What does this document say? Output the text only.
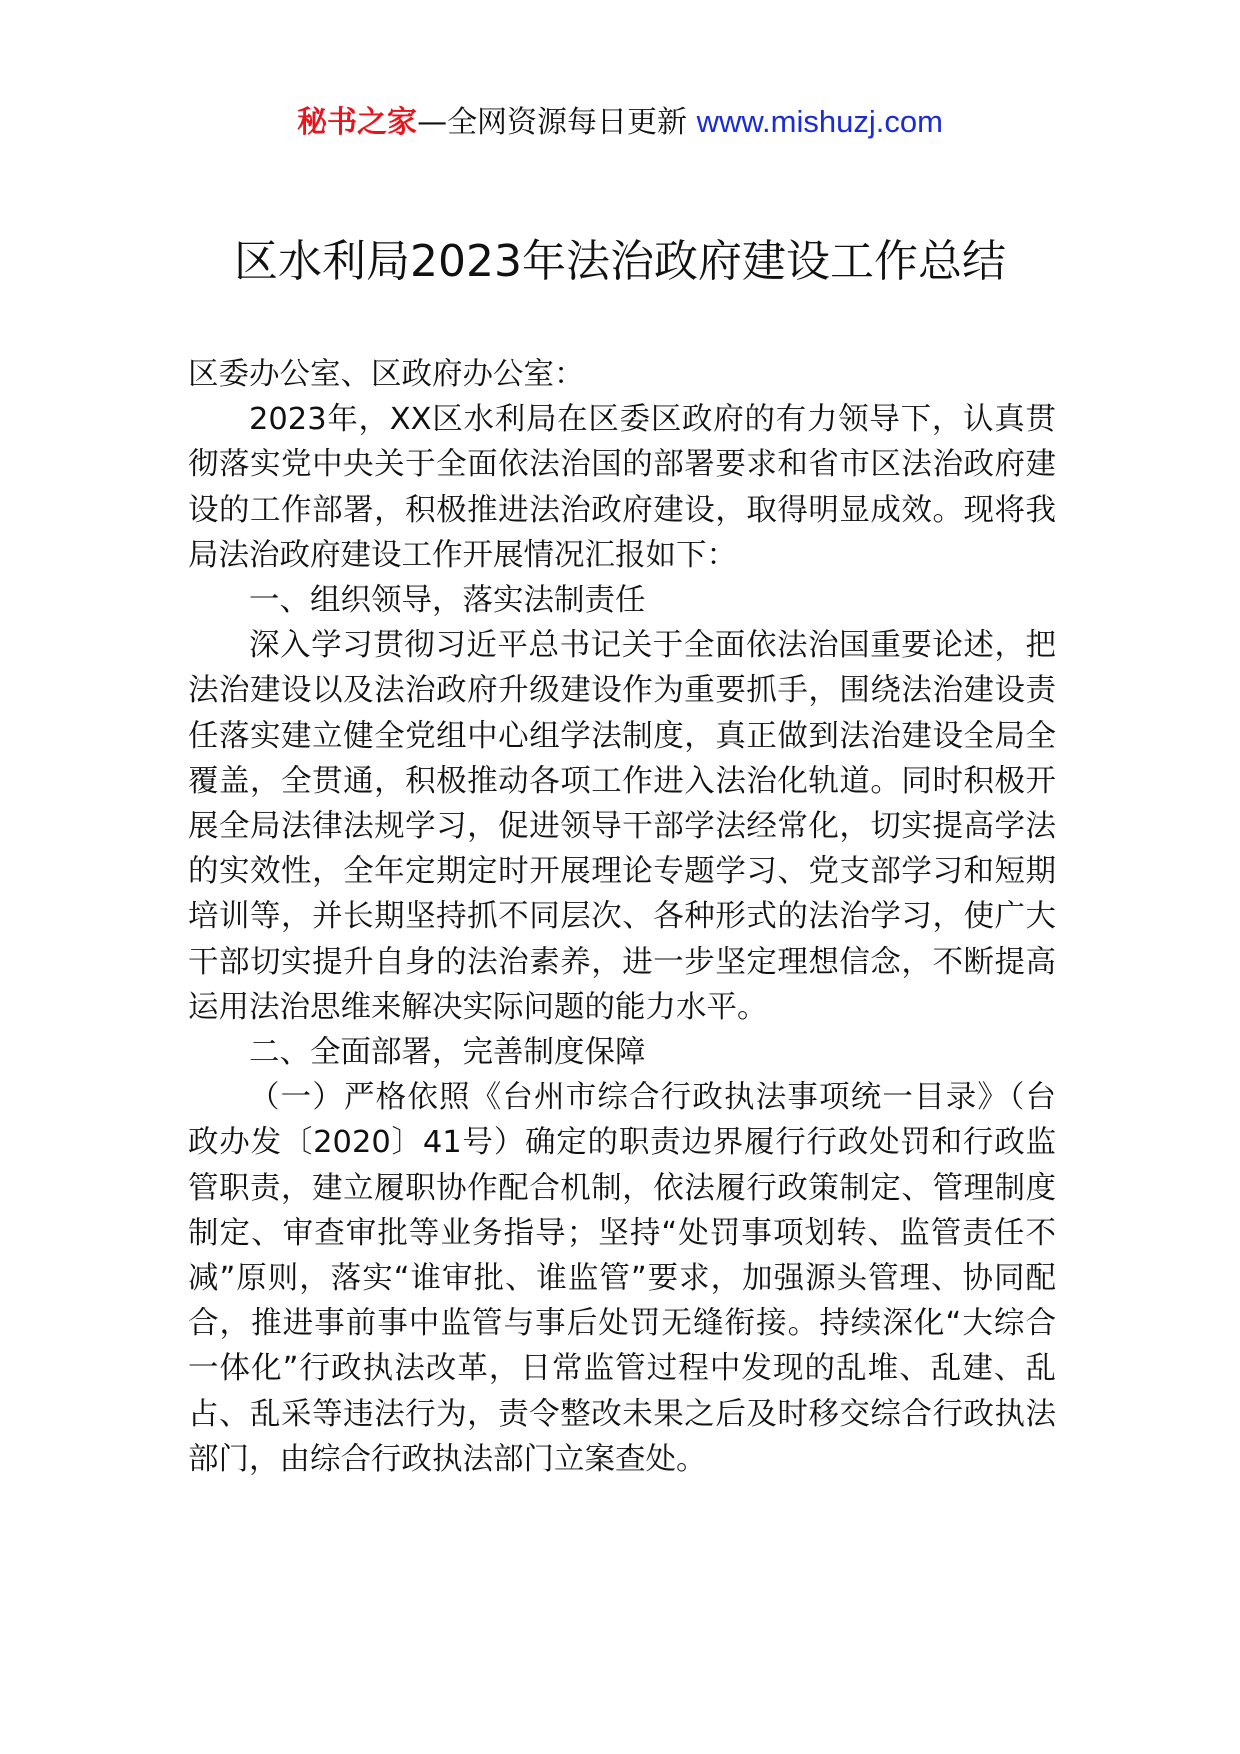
秘书之家—全网资源每日更新 www.mishuzj.com
区水利局2023年法治政府建设工作总结

区委办公室、区政府办公室：

2023年，XX区水利局在区委区政府的有力领导下，认真贯彻落实党中央关于全面依法治国的部署要求和省市区法治政府建设的工作部署，积极推进法治政府建设，取得明显成效。现将我局法治政府建设工作开展情况汇报如下：

一、组织领导，落实法制责任

深入学习贯彻习近平总书记关于全面依法治国重要论述，把法治建设以及法治政府升级建设作为重要抓手，围绕法治建设责任落实建立健全党组中心组学法制度，真正做到法治建设全局全覆盖，全贯通，积极推动各项工作进入法治化轨道。同时积极开展全局法律法规学习，促进领导干部学法经常化，切实提高学法的实效性，全年定期定时开展理论专题学习、党支部学习和短期培训等，并长期坚持抓不同层次、各种形式的法治学习，使广大干部切实提升自身的法治素养，进一步坚定理想信念，不断提高运用法治思维来解决实际问题的能力水平。

二、全面部署，完善制度保障

（一）严格依照《台州市综合行政执法事项统一目录》（台政办发〔2020〕41号）确定的职责边界履行行政处罚和行政监管职责，建立履职协作配合机制，依法履行政策制定、管理制度制定、审查审批等业务指导；坚持“处罚事项划转、监管责任不减”原则，落实“谁审批、谁监管”要求，加强源头管理、协同配合，推进事前事中监管与事后处罚无缝衔接。持续深化“大综合一体化”行政执法改革，日常监管过程中发现的乱堆、乱建、乱占、乱采等违法行为，责令整改未果之后及时移交综合行政执法部门，由综合行政执法部门立案查处。
